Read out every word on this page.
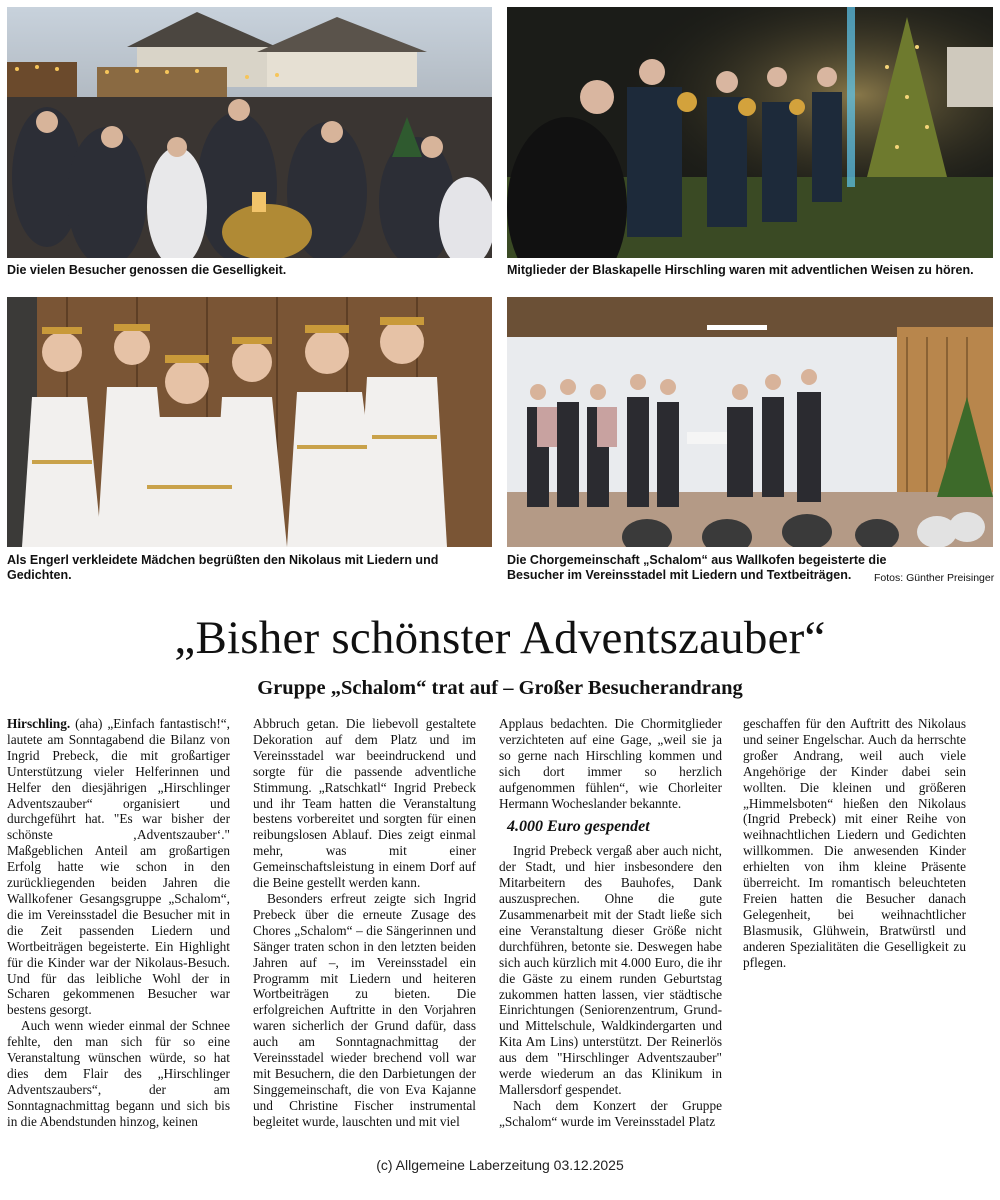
Die vielen Besucher genossen die Geselligkeit.	Mitglieder der Blaskapelle Hirschling waren mit adventlichen Weisen zu hören.
Als Engerl verkleidete Mädchen begrüßten den Nikolaus mit Liedern und Gedichten.
Die Chorgemeinschaft „Schalom“ aus Wallkofen begeisterte die Besucher im Vereinsstadel mit Liedern und Textbeiträgen.	Fotos: Günther Preisinger
„Bisher schönster Adventszauber“
Gruppe „Schalom“ trat auf – Großer Besucherandrang

Hirschling. (aha) „Einfach fantastisch!“, lautete am Sonntagabend die Bilanz von Ingrid Prebeck, die mit großartiger Unterstützung vieler Helferinnen und Helfer den diesjährigen „Hirschlinger Adventszauber“ organisiert und durchgeführt hat. "Es war bisher der schönste ‚Adventszauber‘." Maßgeblichen Anteil am großartigen Erfolg hatte wie schon in den zurückliegenden beiden Jahren die Wallkofener Gesangsgruppe „Schalom“, die im Vereinsstadel die Besucher mit in die Zeit passenden Liedern und Wortbeiträgen begeisterte. Ein Highlight für die Kinder war der Nikolaus-Besuch. Und für das leibliche Wohl der in Scharen gekommenen Besucher war bestens gesorgt.

Auch wenn wieder einmal der Schnee fehlte, den man sich für so eine Veranstaltung wünschen würde, so hat dies dem Flair des „Hirschlinger Adventszaubers“, der am Sonntagnachmittag begann und sich bis in die Abendstunden hinzog, keinen

Abbruch getan. Die liebevoll gestaltete Dekoration auf dem Platz und im Vereinsstadel war beeindruckend und sorgte für die passende adventliche Stimmung. „Ratschkatl“ Ingrid Prebeck und ihr Team hatten die Veranstaltung bestens vorbereitet und sorgten für einen reibungslosen Ablauf. Dies zeigt einmal mehr, was mit einer Gemeinschaftsleistung in einem Dorf auf die Beine gestellt werden kann.

Besonders erfreut zeigte sich Ingrid Prebeck über die erneute Zusage des Chores „Schalom“ – die Sängerinnen und Sänger traten schon in den letzten beiden Jahren auf –, im Vereinsstadel ein Programm mit Liedern und heiteren Wortbeiträgen zu bieten. Die erfolgreichen Auftritte in den Vorjahren waren sicherlich der Grund dafür, dass auch am Sonntagnachmittag der Vereinsstadel wieder brechend voll war mit Besuchern, die den Darbietungen der Singgemeinschaft, die von Eva Kajanne und Christine Fischer instrumental begleitet wurde, lauschten und mit viel

Applaus bedachten. Die Chormitglieder verzichteten auf eine Gage, „weil sie ja so gerne nach Hirschling kommen und sich dort immer so herzlich aufgenommen fühlen“, wie Chorleiter Hermann Wocheslander bekannte.

4.000 Euro gespendet

Ingrid Prebeck vergaß aber auch nicht, der Stadt, und hier insbesondere den Mitarbeitern des Bauhofes, Dank auszusprechen. Ohne die gute Zusammenarbeit mit der Stadt ließe sich eine Veranstaltung dieser Größe nicht durchführen, betonte sie. Deswegen habe sich auch kürzlich mit 4.000 Euro, die ihr die Gäste zu einem runden Geburtstag zukommen hatten lassen, vier städtische Einrichtungen (Seniorenzentrum, Grund- und Mittelschule, Waldkindergarten und Kita Am Lins) unterstützt. Der Reinerlös aus dem "Hirschlinger Adventszauber" werde wiederum an das Klinikum in Mallersdorf gespendet.

Nach dem Konzert der Gruppe „Schalom“ wurde im Vereinsstadel Platz

geschaffen für den Auftritt des Nikolaus und seiner Engelschar. Auch da herrschte großer Andrang, weil auch viele Angehörige der Kinder dabei sein wollten. Die kleinen und größeren „Himmelsboten“ hießen den Nikolaus (Ingrid Prebeck) mit einer Reihe von weihnachtlichen Liedern und Gedichten willkommen. Die anwesenden Kinder erhielten von ihm kleine Präsente überreicht. Im romantisch beleuchteten Freien hatten die Besucher danach Gelegenheit, bei weihnachtlicher Blasmusik, Glühwein, Bratwürstl und anderen Spezialitäten die Geselligkeit zu pflegen.

(c) Allgemeine Laberzeitung 03.12.2025
